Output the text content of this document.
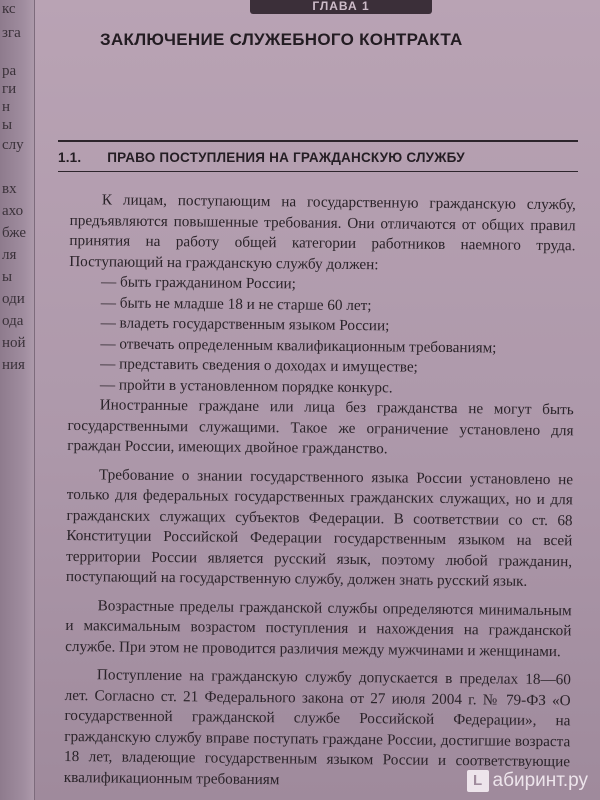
кс
зга
ра
ги
н
ы
слу
вх
ахо
бже
ля
ы
оди
ода
ной
ния
ГЛАВА 1
ЗАКЛЮЧЕНИЕ СЛУЖЕБНОГО КОНТРАКТА
1.1. ПРАВО ПОСТУПЛЕНИЯ НА ГРАЖДАНСКУЮ СЛУЖБУ

К лицам, поступающим на государственную гражданскую службу, предъявляются повышенные требования. Они отличаются от общих правил принятия на работу общей категории работников наемного труда. Поступающий на гражданскую службу должен:

— быть гражданином России;
— быть не младше 18 и не старше 60 лет;
— владеть государственным языком России;
— отвечать определенным квалификационным требованиям;
— представить сведения о доходах и имуществе;
— пройти в установленном порядке конкурс.

Иностранные граждане или лица без гражданства не могут быть государственными служащими. Такое же ограничение установлено для граждан России, имеющих двойное гражданство.

Требование о знании государственного языка России установлено не только для федеральных государственных гражданских служащих, но и для гражданских служащих субъектов Федерации. В соответствии со ст. 68 Конституции Российской Федерации государственным языком на всей территории России является русский язык, поэтому любой гражданин, поступающий на государственную службу, должен знать русский язык.

Возрастные пределы гражданской службы определяются минимальным и максимальным возрастом поступления и нахождения на гражданской службе. При этом не проводится различия между мужчинами и женщинами.

Поступление на гражданскую службу допускается в пределах 18—60 лет. Согласно ст. 21 Федерального закона от 27 июля 2004 г. № 79-ФЗ «О государственной гражданской службе Российской Федерации», на гражданскую службу вправе поступать граждане России, достигшие возраста 18 лет, владеющие государственным языком России и соответствующие квалификационным требованиям	L абиринт.ру
